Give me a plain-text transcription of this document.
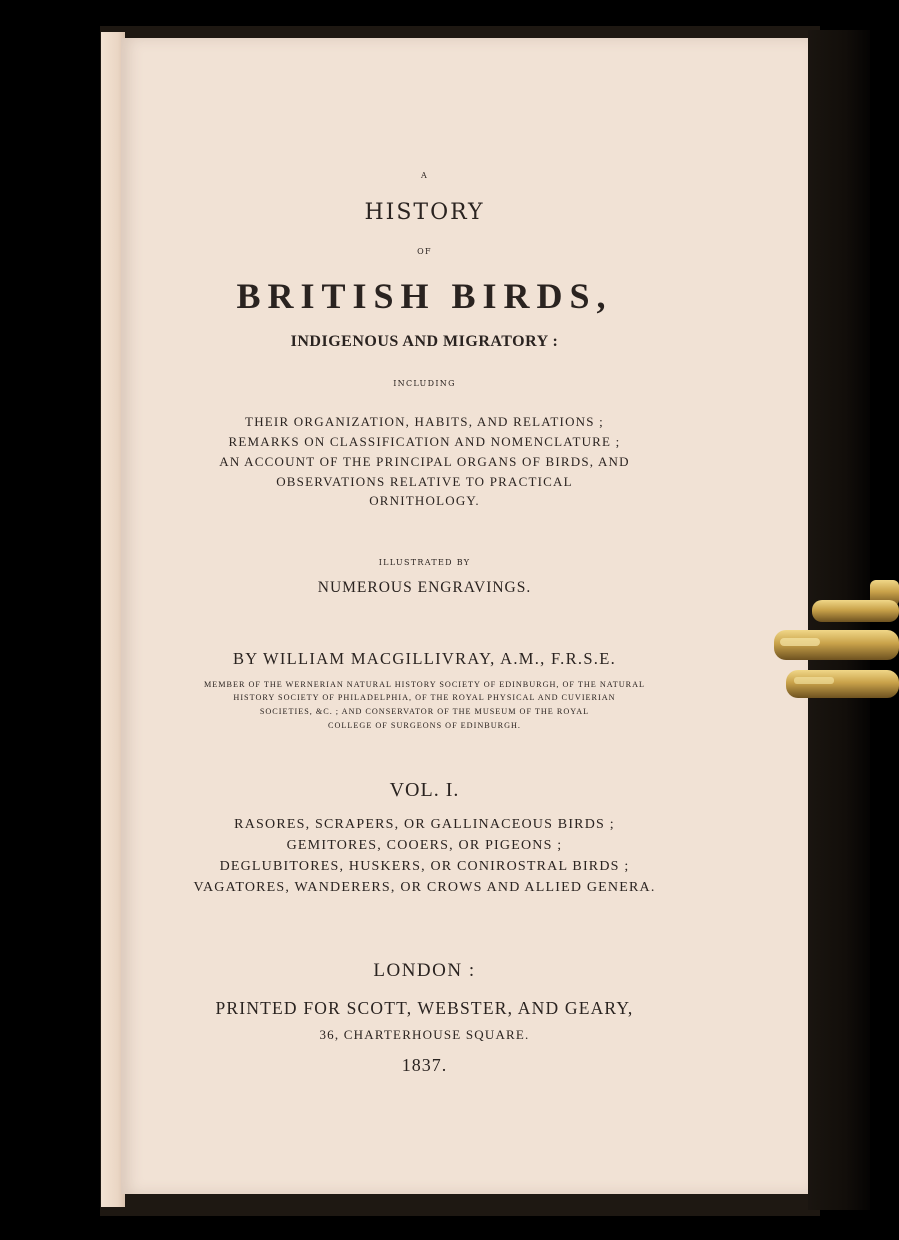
A
HISTORY
OF
BRITISH BIRDS,
INDIGENOUS AND MIGRATORY :
INCLUDING
THEIR ORGANIZATION, HABITS, AND RELATIONS ;
REMARKS ON CLASSIFICATION AND NOMENCLATURE ;
AN ACCOUNT OF THE PRINCIPAL ORGANS OF BIRDS, AND
OBSERVATIONS RELATIVE TO PRACTICAL
ORNITHOLOGY.
ILLUSTRATED BY
NUMEROUS ENGRAVINGS.
BY WILLIAM MACGILLIVRAY, A.M., F.R.S.E.
MEMBER OF THE WERNERIAN NATURAL HISTORY SOCIETY OF EDINBURGH, OF THE NATURAL
HISTORY SOCIETY OF PHILADELPHIA, OF THE ROYAL PHYSICAL AND CUVIERIAN
SOCIETIES, &C. ; AND CONSERVATOR OF THE MUSEUM OF THE ROYAL
COLLEGE OF SURGEONS OF EDINBURGH.
VOL. I.
RASORES, SCRAPERS, OR GALLINACEOUS BIRDS ;
GEMITORES, COOERS, OR PIGEONS ;
DEGLUBITORES, HUSKERS, OR CONIROSTRAL BIRDS ;
VAGATORES, WANDERERS, OR CROWS AND ALLIED GENERA.
LONDON :
PRINTED FOR SCOTT, WEBSTER, AND GEARY,
36, CHARTERHOUSE SQUARE.
1837.
